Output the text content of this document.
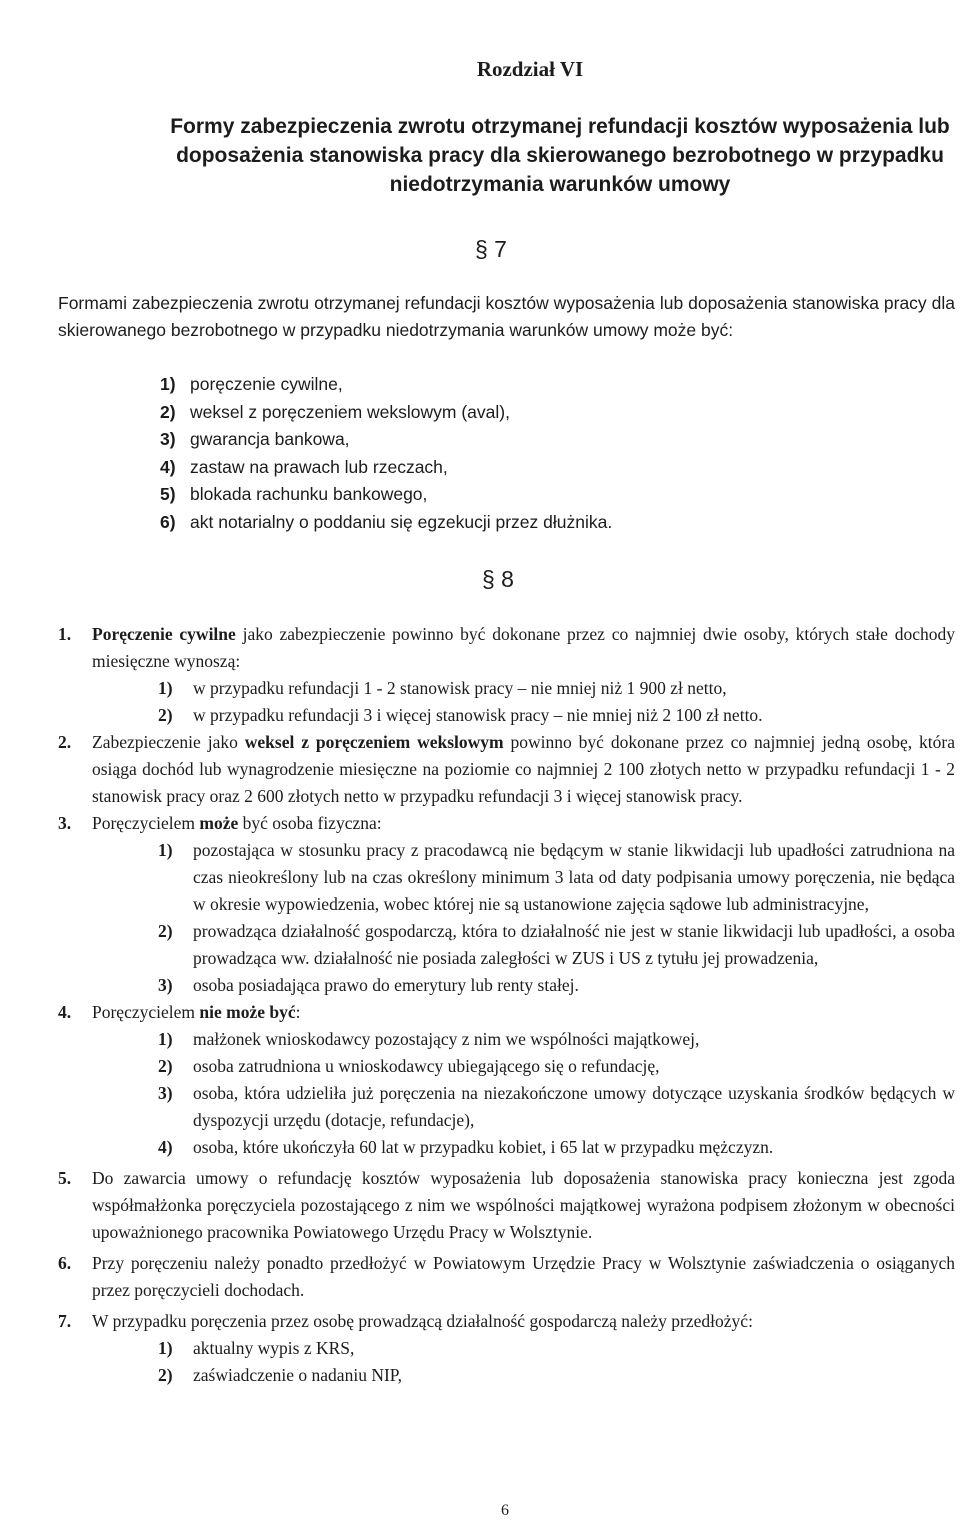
Rozdział VI
Formy zabezpieczenia zwrotu otrzymanej refundacji kosztów wyposażenia lub
doposażenia stanowiska pracy dla skierowanego bezrobotnego w przypadku
niedotrzymania warunków umowy
§ 7

Formami zabezpieczenia zwrotu otrzymanej refundacji kosztów wyposażenia lub doposażenia stanowiska pracy dla skierowanego bezrobotnego w przypadku niedotrzymania warunków umowy może być:

1) poręczenie cywilne,
2) weksel z poręczeniem wekslowym (aval),
3) gwarancja bankowa,
4) zastaw na prawach lub rzeczach,
5) blokada rachunku bankowego,
6) akt notarialny o poddaniu się egzekucji przez dłużnika.
§ 8
1. Poręczenie cywilne jako zabezpieczenie powinno być dokonane przez co najmniej dwie osoby, których stałe dochody miesięczne wynoszą:
1) w przypadku refundacji 1 - 2 stanowisk pracy – nie mniej niż 1 900 zł netto,
2) w przypadku refundacji 3 i więcej stanowisk pracy – nie mniej niż 2 100 zł netto.
2. Zabezpieczenie jako weksel z poręczeniem wekslowym powinno być dokonane przez co najmniej jedną osobę, która osiąga dochód lub wynagrodzenie miesięczne na poziomie co najmniej 2 100 złotych netto w przypadku refundacji 1 - 2 stanowisk pracy oraz 2 600 złotych netto w przypadku refundacji 3 i więcej stanowisk pracy.
3. Poręczycielem może być osoba fizyczna:
1) pozostająca w stosunku pracy z pracodawcą nie będącym w stanie likwidacji lub upadłości zatrudniona na czas nieokreślony lub na czas określony minimum 3 lata od daty podpisania umowy poręczenia, nie będąca w okresie wypowiedzenia, wobec której nie są ustanowione zajęcia sądowe lub administracyjne,
2) prowadząca działalność gospodarczą, która to działalność nie jest w stanie likwidacji lub upadłości, a osoba prowadząca ww. działalność nie posiada zaległości w ZUS i US z tytułu jej prowadzenia,
3) osoba posiadająca prawo do emerytury lub renty stałej.
4. Poręczycielem nie może być:
1) małżonek wnioskodawcy pozostający z nim we wspólności majątkowej,
2) osoba zatrudniona u wnioskodawcy ubiegającego się o refundację,
3) osoba, która udzieliła już poręczenia na niezakończone umowy dotyczące uzyskania środków będących w dyspozycji urzędu (dotacje, refundacje),
4) osoba, które ukończyła 60 lat w przypadku kobiet, i 65 lat w przypadku mężczyzn.
5. Do zawarcia umowy o refundację kosztów wyposażenia lub doposażenia stanowiska pracy konieczna jest zgoda współmałżonka poręczyciela pozostającego z nim we wspólności majątkowej wyrażona podpisem złożonym w obecności upoważnionego pracownika Powiatowego Urzędu Pracy w Wolsztynie.
6. Przy poręczeniu należy ponadto przedłożyć w Powiatowym Urzędzie Pracy w Wolsztynie zaświadczenia o osiąganych przez poręczycieli dochodach.
7. W przypadku poręczenia przez osobę prowadzącą działalność gospodarczą należy przedłożyć:
1) aktualny wypis z KRS,
2) zaświadczenie o nadaniu NIP,
6
